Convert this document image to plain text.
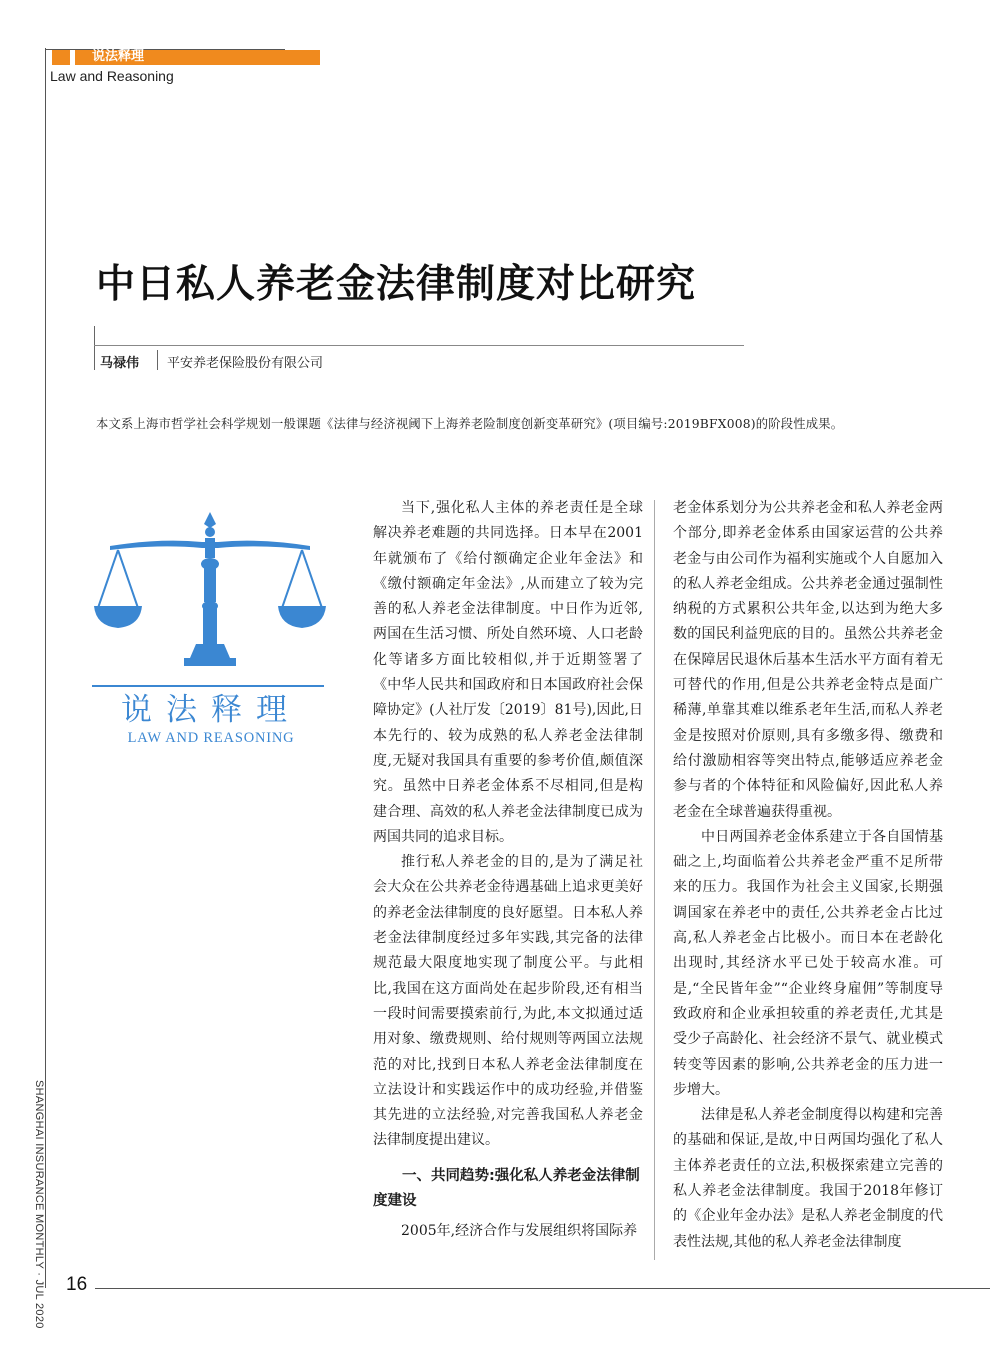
说法释理
Law and Reasoning
中日私人养老金法律制度对比研究
马禄伟 平安养老保险股份有限公司
本文系上海市哲学社会科学规划一般课题《法律与经济视阈下上海养老险制度创新变革研究》(项目编号:2019BFX008)的阶段性成果。
说法释理
LAW AND REASONING

当下,强化私人主体的养老责任是全球解决养老难题的共同选择。日本早在2001年就颁布了《给付额确定企业年金法》和《缴付额确定年金法》,从而建立了较为完善的私人养老金法律制度。中日作为近邻,两国在生活习惯、所处自然环境、人口老龄化等诸多方面比较相似,并于近期签署了《中华人民共和国政府和日本国政府社会保障协定》(人社厅发〔2019〕81号),因此,日本先行的、较为成熟的私人养老金法律制度,无疑对我国具有重要的参考价值,颇值深究。虽然中日养老金体系不尽相同,但是构建合理、高效的私人养老金法律制度已成为两国共同的追求目标。

推行私人养老金的目的,是为了满足社会大众在公共养老金待遇基础上追求更美好的养老金法律制度的良好愿望。日本私人养老金法律制度经过多年实践,其完备的法律规范最大限度地实现了制度公平。与此相比,我国在这方面尚处在起步阶段,还有相当一段时间需要摸索前行,为此,本文拟通过适用对象、缴费规则、给付规则等两国立法规范的对比,找到日本私人养老金法律制度在立法设计和实践运作中的成功经验,并借鉴其先进的立法经验,对完善我国私人养老金法律制度提出建议。

一、共同趋势:强化私人养老金法律制度建设

2005年,经济合作与发展组织将国际养

老金体系划分为公共养老金和私人养老金两个部分,即养老金体系由国家运营的公共养老金与由公司作为福利实施或个人自愿加入的私人养老金组成。公共养老金通过强制性纳税的方式累积公共年金,以达到为绝大多数的国民利益兜底的目的。虽然公共养老金在保障居民退休后基本生活水平方面有着无可替代的作用,但是公共养老金特点是面广稀薄,单靠其难以维系老年生活,而私人养老金是按照对价原则,具有多缴多得、缴费和给付激励相容等突出特点,能够适应养老金参与者的个体特征和风险偏好,因此私人养老金在全球普遍获得重视。

中日两国养老金体系建立于各自国情基础之上,均面临着公共养老金严重不足所带来的压力。我国作为社会主义国家,长期强调国家在养老中的责任,公共养老金占比过高,私人养老金占比极小。而日本在老龄化出现时,其经济水平已处于较高水准。可是,“全民皆年金”“企业终身雇佣”等制度导致政府和企业承担较重的养老责任,尤其是受少子高龄化、社会经济不景气、就业模式转变等因素的影响,公共养老金的压力进一步增大。

法律是私人养老金制度得以构建和完善的基础和保证,是故,中日两国均强化了私人主体养老责任的立法,积极探索建立完善的私人养老金法律制度。我国于2018年修订的《企业年金办法》是私人养老金制度的代表性法规,其他的私人养老金法律制度

SHANGHAI INSURANCE MONTHLY · JUL 2020 16
